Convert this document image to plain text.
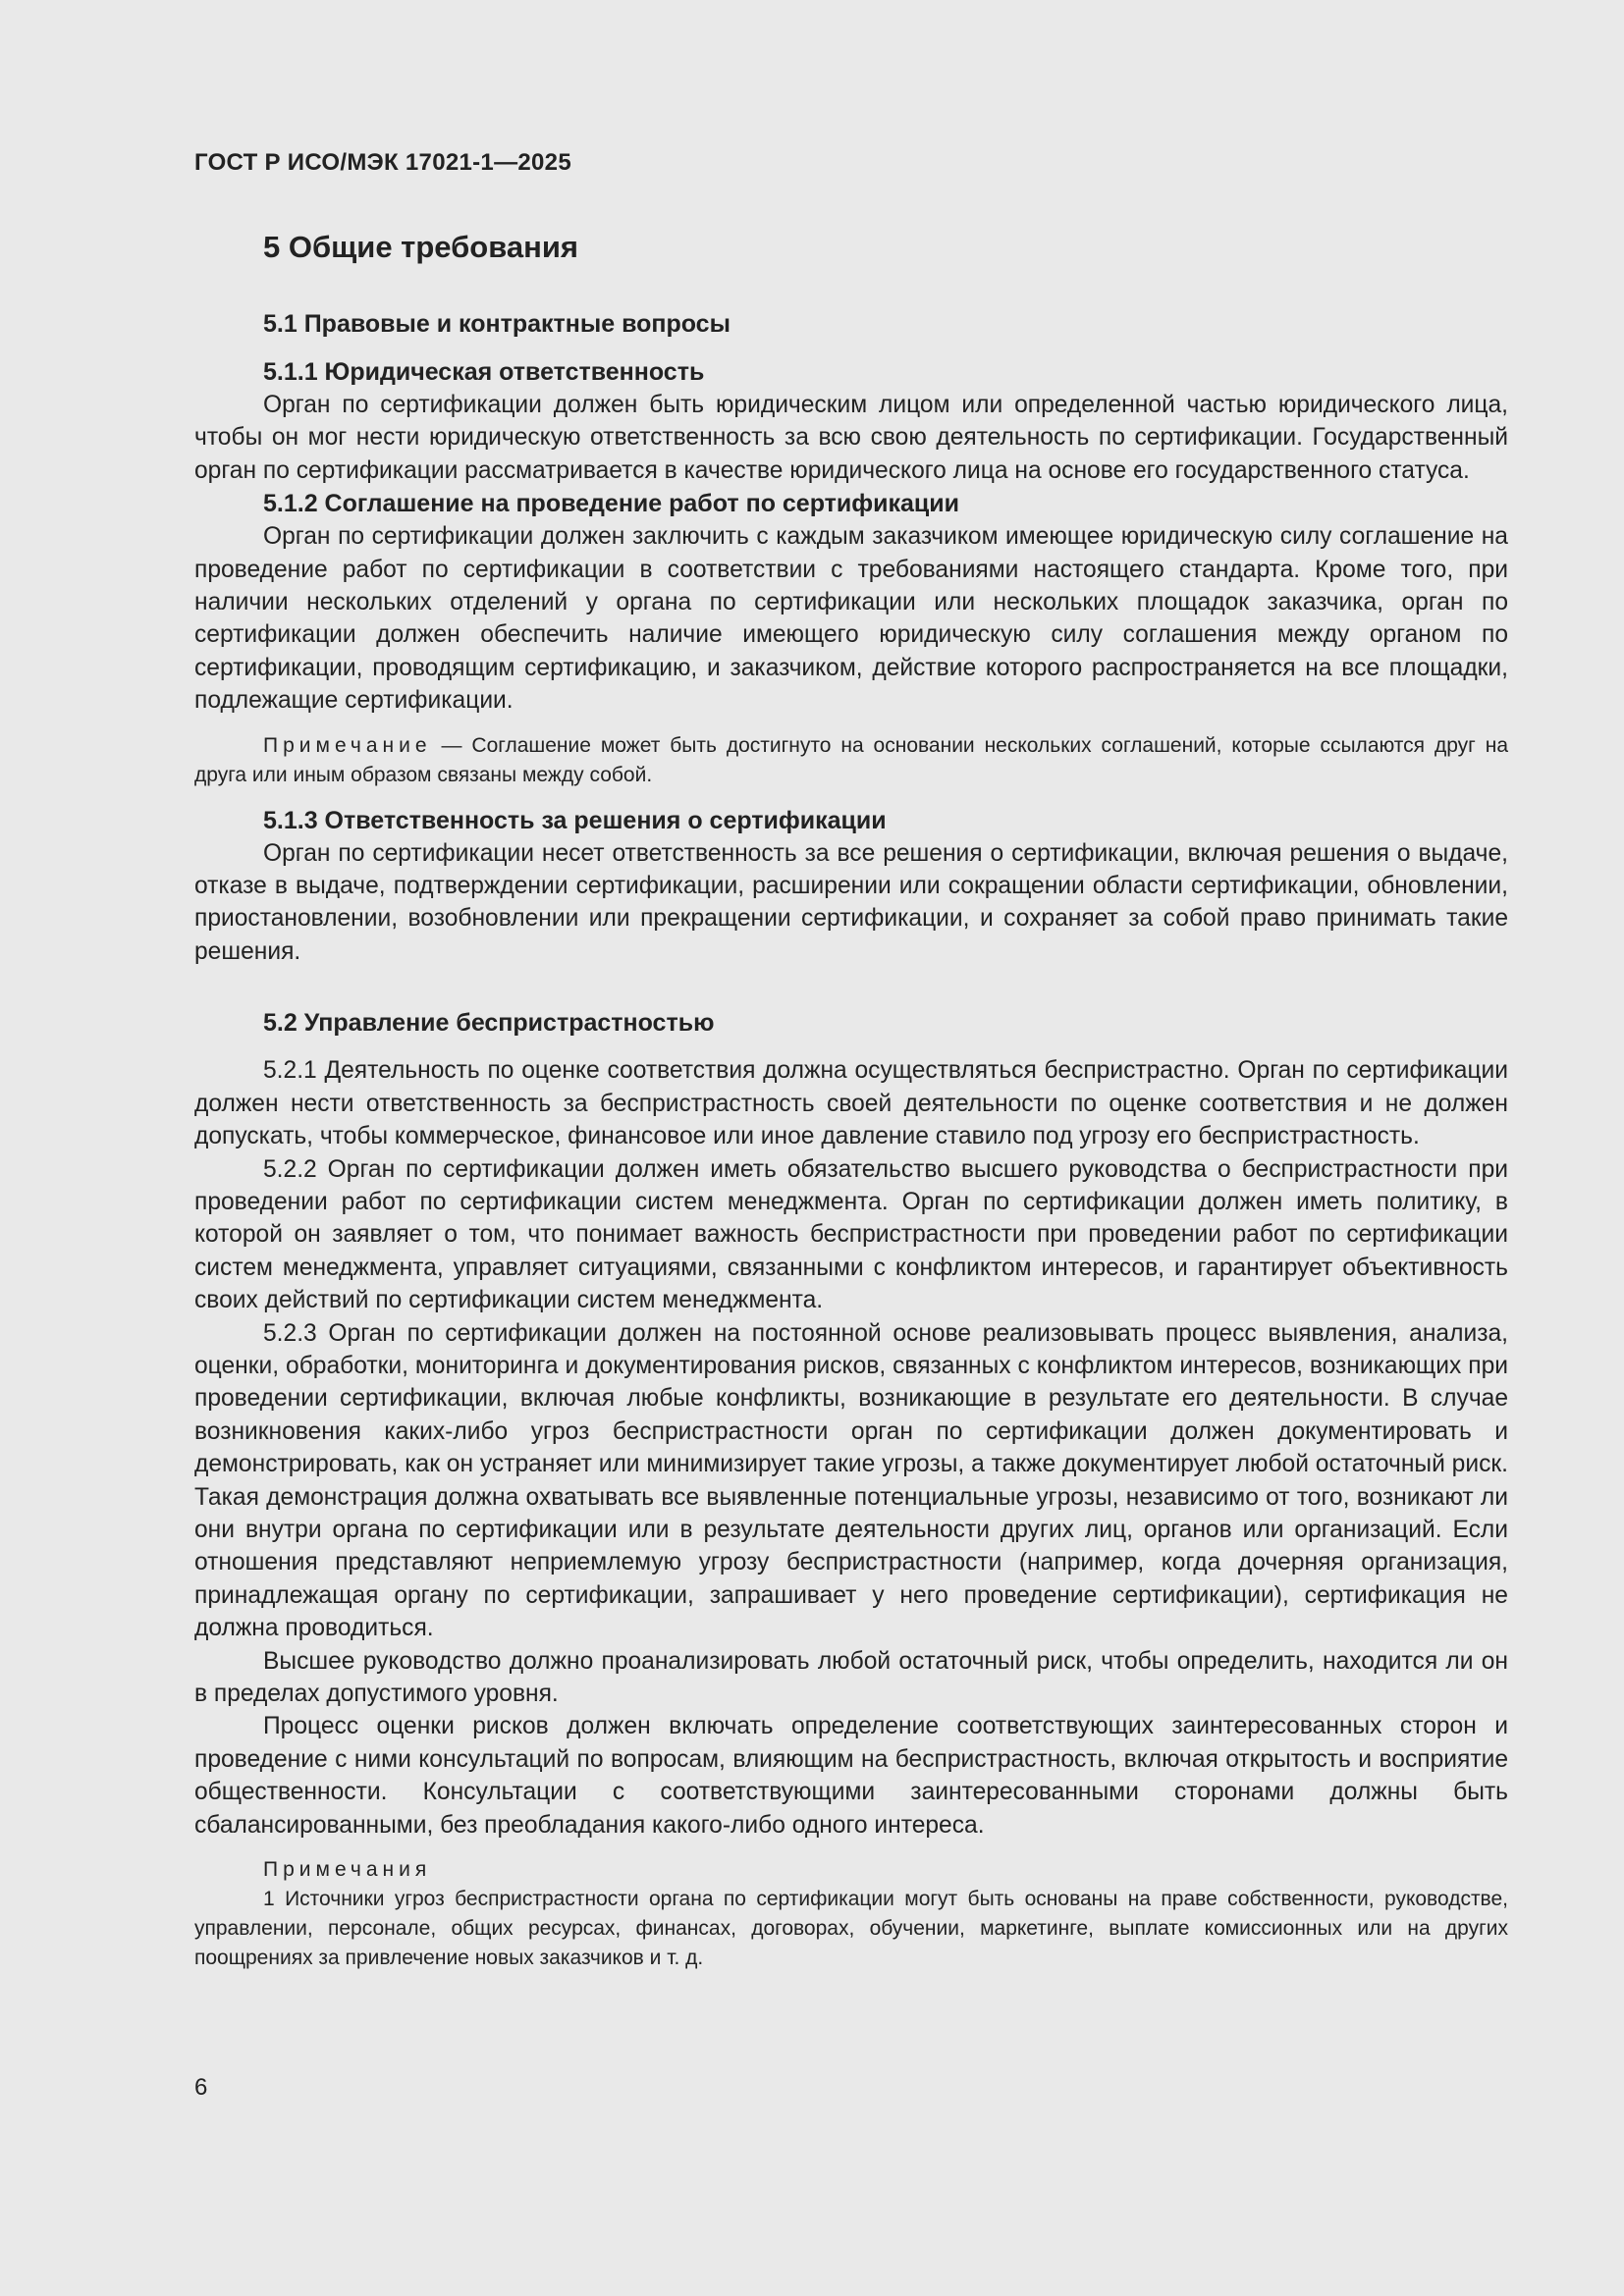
ГОСТ Р ИСО/МЭК 17021-1—2025
5 Общие требования
5.1 Правовые и контрактные вопросы
5.1.1 Юридическая ответственность

Орган по сертификации должен быть юридическим лицом или определенной частью юридического лица, чтобы он мог нести юридическую ответственность за всю свою деятельность по сертификации. Государственный орган по сертификации рассматривается в качестве юридического лица на основе его государственного статуса.

5.1.2 Соглашение на проведение работ по сертификации

Орган по сертификации должен заключить с каждым заказчиком имеющее юридическую силу соглашение на проведение работ по сертификации в соответствии с требованиями настоящего стандарта. Кроме того, при наличии нескольких отделений у органа по сертификации или нескольких площадок заказчика, орган по сертификации должен обеспечить наличие имеющего юридическую силу соглашения между органом по сертификации, проводящим сертификацию, и заказчиком, действие которого распространяется на все площадки, подлежащие сертификации.

Примечание — Соглашение может быть достигнуто на основании нескольких соглашений, которые ссылаются друг на друга или иным образом связаны между собой.
5.1.3 Ответственность за решения о сертификации

Орган по сертификации несет ответственность за все решения о сертификации, включая решения о выдаче, отказе в выдаче, подтверждении сертификации, расширении или сокращении области сертификации, обновлении, приостановлении, возобновлении или прекращении сертификации, и сохраняет за собой право принимать такие решения.

5.2 Управление беспристрастностью

5.2.1 Деятельность по оценке соответствия должна осуществляться беспристрастно. Орган по сертификации должен нести ответственность за беспристрастность своей деятельности по оценке соответствия и не должен допускать, чтобы коммерческое, финансовое или иное давление ставило под угрозу его беспристрастность.

5.2.2 Орган по сертификации должен иметь обязательство высшего руководства о беспристрастности при проведении работ по сертификации систем менеджмента. Орган по сертификации должен иметь политику, в которой он заявляет о том, что понимает важность беспристрастности при проведении работ по сертификации систем менеджмента, управляет ситуациями, связанными с конфликтом интересов, и гарантирует объективность своих действий по сертификации систем менеджмента.

5.2.3 Орган по сертификации должен на постоянной основе реализовывать процесс выявления, анализа, оценки, обработки, мониторинга и документирования рисков, связанных с конфликтом интересов, возникающих при проведении сертификации, включая любые конфликты, возникающие в результате его деятельности. В случае возникновения каких-либо угроз беспристрастности орган по сертификации должен документировать и демонстрировать, как он устраняет или минимизирует такие угрозы, а также документирует любой остаточный риск. Такая демонстрация должна охватывать все выявленные потенциальные угрозы, независимо от того, возникают ли они внутри органа по сертификации или в результате деятельности других лиц, органов или организаций. Если отношения представляют неприемлемую угрозу беспристрастности (например, когда дочерняя организация, принадлежащая органу по сертификации, запрашивает у него проведение сертификации), сертификация не должна проводиться.

Высшее руководство должно проанализировать любой остаточный риск, чтобы определить, находится ли он в пределах допустимого уровня.

Процесс оценки рисков должен включать определение соответствующих заинтересованных сторон и проведение с ними консультаций по вопросам, влияющим на беспристрастность, включая открытость и восприятие общественности. Консультации с соответствующими заинтересованными сторонами должны быть сбалансированными, без преобладания какого-либо одного интереса.

Примечания

1 Источники угроз беспристрастности органа по сертификации могут быть основаны на праве собственности, руководстве, управлении, персонале, общих ресурсах, финансах, договорах, обучении, маркетинге, выплате комиссионных или на других поощрениях за привлечение новых заказчиков и т. д.

6
